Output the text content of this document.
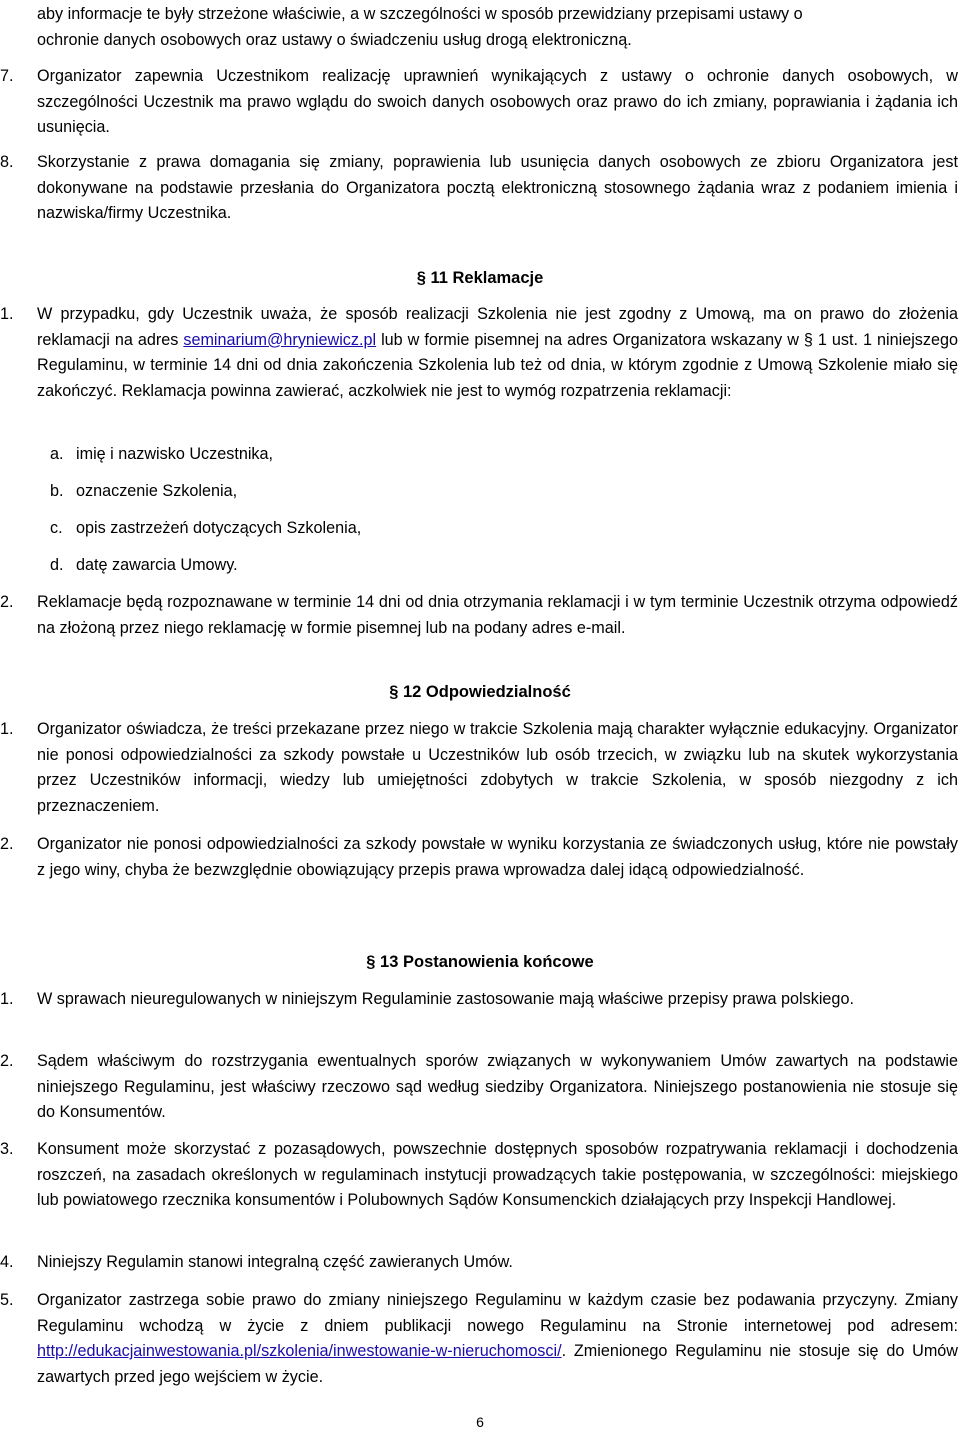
aby informacje te były strzeżone właściwie, a w szczególności w sposób przewidziany przepisami ustawy o
ochronie danych osobowych oraz ustawy o świadczeniu usług drogą elektroniczną.
7.	Organizator zapewnia Uczestnikom realizację uprawnień wynikających z ustawy o ochronie danych osobowych, w szczególności Uczestnik ma prawo wglądu do swoich danych osobowych oraz prawo do ich zmiany, poprawiania i żądania ich usunięcia.
8.	Skorzystanie z prawa domagania się zmiany, poprawienia lub usunięcia danych osobowych ze zbioru Organizatora jest dokonywane na podstawie przesłania do Organizatora pocztą elektroniczną stosownego żądania wraz z podaniem imienia i nazwiska/firmy Uczestnika.
§ 11 Reklamacje
1.	W przypadku, gdy Uczestnik uważa, że sposób realizacji Szkolenia nie jest zgodny z Umową, ma on prawo do złożenia reklamacji na adres seminarium@hryniewicz.pl lub w formie pisemnej na adres Organizatora wskazany w § 1 ust. 1 niniejszego Regulaminu, w terminie 14 dni od dnia zakończenia Szkolenia lub też od dnia, w którym zgodnie z Umową Szkolenie miało się zakończyć. Reklamacja powinna zawierać, aczkolwiek nie jest to wymóg rozpatrzenia reklamacji:
a. imię i nazwisko Uczestnika,
b. oznaczenie Szkolenia,
c. opis zastrzeżeń dotyczących Szkolenia,
d. datę zawarcia Umowy.
2.	Reklamacje będą rozpoznawane w terminie 14 dni od dnia otrzymania reklamacji i w tym terminie Uczestnik otrzyma odpowiedź na złożoną przez niego reklamację w formie pisemnej lub na podany adres e-mail.
§ 12 Odpowiedzialność
1.	Organizator oświadcza, że treści przekazane przez niego w trakcie Szkolenia mają charakter wyłącznie edukacyjny. Organizator nie ponosi odpowiedzialności za szkody powstałe u Uczestników lub osób trzecich, w związku lub na skutek wykorzystania przez Uczestników informacji, wiedzy lub umiejętności zdobytych w trakcie Szkolenia, w sposób niezgodny z ich przeznaczeniem.
2.	Organizator nie ponosi odpowiedzialności za szkody powstałe w wyniku korzystania ze świadczonych usług, które nie powstały z jego winy, chyba że bezwzględnie obowiązujący przepis prawa wprowadza dalej idącą odpowiedzialność.
§ 13 Postanowienia końcowe
1.	W sprawach nieuregulowanych w niniejszym Regulaminie zastosowanie mają właściwe przepisy prawa polskiego.
2.	Sądem właściwym do rozstrzygania ewentualnych sporów związanych w wykonywaniem Umów zawartych na podstawie niniejszego Regulaminu, jest właściwy rzeczowo sąd według siedziby Organizatora. Niniejszego postanowienia nie stosuje się do Konsumentów.
3.	Konsument może skorzystać z pozasądowych, powszechnie dostępnych sposobów rozpatrywania reklamacji i dochodzenia roszczeń, na zasadach określonych w regulaminach instytucji prowadzących takie postępowania, w szczególności: miejskiego lub powiatowego rzecznika konsumentów i Polubownych Sądów Konsumenckich działających przy Inspekcji Handlowej.
4.	Niniejszy Regulamin stanowi integralną część zawieranych Umów.
5.	Organizator zastrzega sobie prawo do zmiany niniejszego Regulaminu w każdym czasie bez podawania przyczyny. Zmiany Regulaminu wchodzą w życie z dniem publikacji nowego Regulaminu na Stronie internetowej pod adresem: http://edukacjainwestowania.pl/szkolenia/inwestowanie-w-nieruchomosci/. Zmienionego Regulaminu nie stosuje się do Umów zawartych przed jego wejściem w życie.
6
